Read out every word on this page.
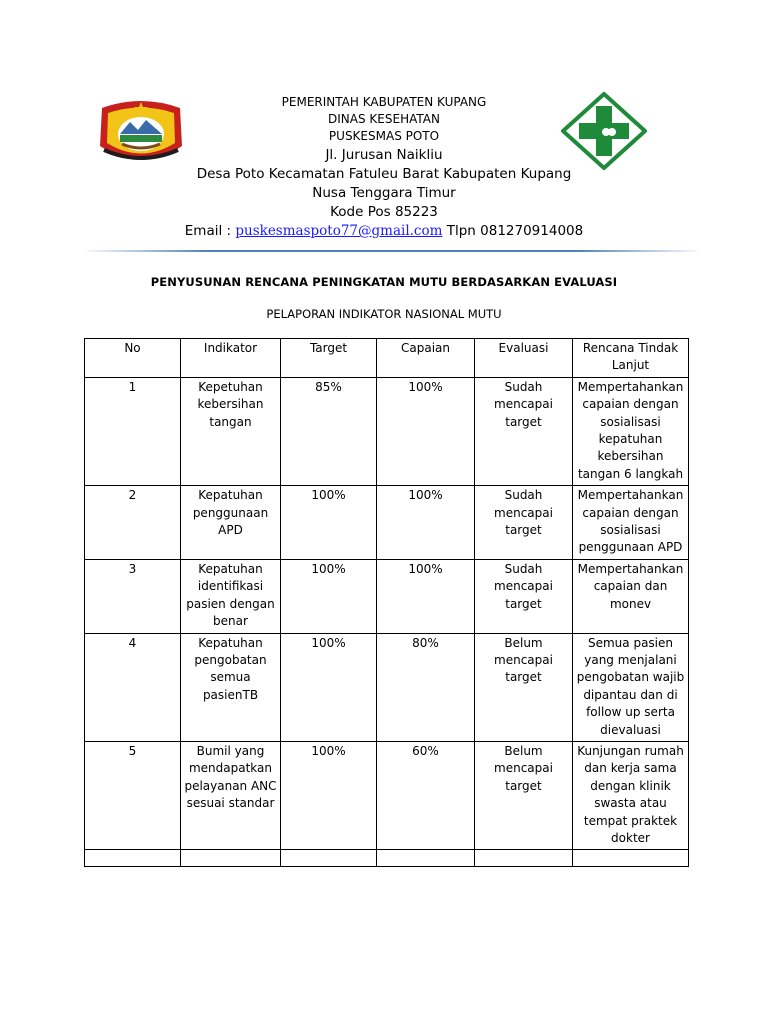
PEMERINTAH KABUPATEN KUPANG
DINAS KESEHATAN
PUSKESMAS POTO
Jl. Jurusan Naikliu
Desa Poto Kecamatan Fatuleu Barat Kabupaten Kupang
Nusa Tenggara Timur
Kode Pos 85223
Email : puskesmaspoto77@gmail.com Tlpn 081270914008
PENYUSUNAN RENCANA PENINGKATAN MUTU BERDASARKAN EVALUASI
PELAPORAN INDIKATOR NASIONAL MUTU
No	Indikator	Target	Capaian	Evaluasi	Rencana Tindak Lanjut
1	Kepetuhan kebersihan tangan	85%	100%	Sudah mencapai target	Mempertahankan capaian dengan sosialisasi kepatuhan kebersihan tangan 6 langkah
2	Kepatuhan penggunaan APD	100%	100%	Sudah mencapai target	Mempertahankan capaian dengan sosialisasi penggunaan APD
3	Kepatuhan identifikasi pasien dengan benar	100%	100%	Sudah mencapai target	Mempertahankan capaian dan monev
4	Kepatuhan pengobatan semua pasienTB	100%	80%	Belum mencapai target	Semua pasien yang menjalani pengobatan wajib dipantau dan di follow up serta dievaluasi
5	Bumil yang mendapatkan pelayanan ANC sesuai standar	100%	60%	Belum mencapai target	Kunjungan rumah dan kerja sama dengan klinik swasta atau tempat praktek dokter
